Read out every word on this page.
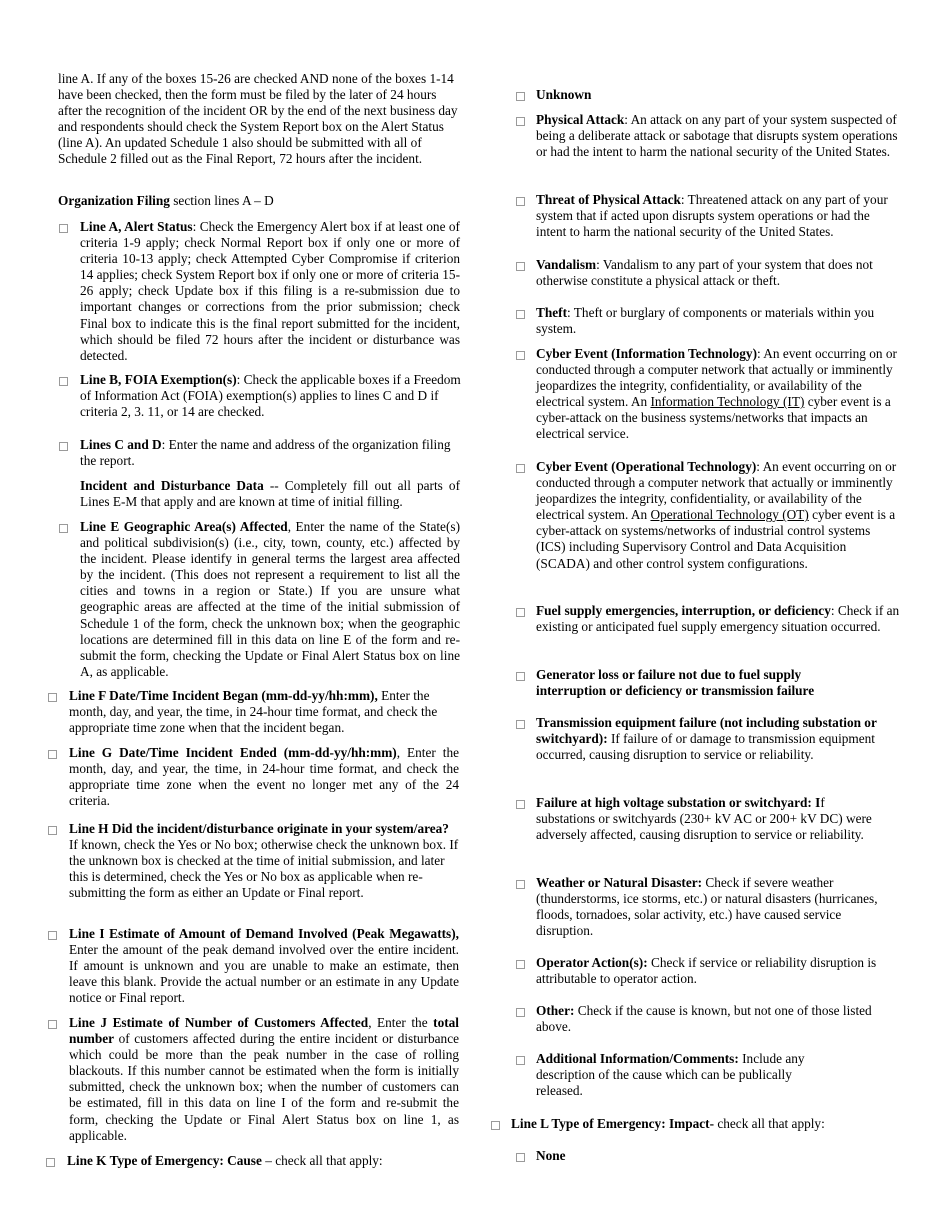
line A. If any of the boxes 15-26 are checked AND none of the boxes 1-14 have been checked, then the form must be filed by the later of 24 hours after the recognition of the incident OR by the end of the next business day and respondents should check the System Report box on the Alert Status (line A). An updated Schedule 1 also should be submitted with all of Schedule 2 filled out as the Final Report, 72 hours after the incident.

Organization Filing section lines A – D

Line A, Alert Status: Check the Emergency Alert box if at least one of criteria 1-9 apply; check Normal Report box if only one or more of criteria 10-13 apply; check Attempted Cyber Compromise if criterion 14 applies; check System Report box if only one or more of criteria 15-26 apply; check Update box if this filing is a re-submission due to important changes or corrections from the prior submission; check Final box to indicate this is the final report submitted for the incident, which should be filed 72 hours after the incident or disturbance was detected.

Line B, FOIA Exemption(s): Check the applicable boxes if a Freedom of Information Act (FOIA) exemption(s) applies to lines C and D if criteria 2, 3. 11, or 14 are checked.

Lines C and D: Enter the name and address of the organization filing the report.

Incident and Disturbance Data -- Completely fill out all parts of Lines E-M that apply and are known at time of initial filling.

Line E Geographic Area(s) Affected, Enter the name of the State(s) and political subdivision(s) (i.e., city, town, county, etc.) affected by the incident. Please identify in general terms the largest area affected by the incident. (This does not represent a requirement to list all the cities and towns in a region or State.) If you are unsure what geographic areas are affected at the time of the initial submission of Schedule 1 of the form, check the unknown box; when the geographic locations are determined fill in this data on line E of the form and re-submit the form, checking the Update or Final Alert Status box on line A, as applicable.

Line F Date/Time Incident Began (mm-dd-yy/hh:mm), Enter the month, day, and year, the time, in 24-hour time format, and check the appropriate time zone when that the incident began.

Line G Date/Time Incident Ended (mm-dd-yy/hh:mm), Enter the month, day, and year, the time, in 24-hour time format, and check the appropriate time zone when the event no longer met any of the 24 criteria.

Line H Did the incident/disturbance originate in your system/area? If known, check the Yes or No box; otherwise check the unknown box. If the unknown box is checked at the time of initial submission, and later this is determined, check the Yes or No box as applicable when re- submitting the form as either an Update or Final report.

Line I Estimate of Amount of Demand Involved (Peak Megawatts), Enter the amount of the peak demand involved over the entire incident. If amount is unknown and you are unable to make an estimate, then leave this blank. Provide the actual number or an estimate in any Update notice or Final report.

Line J Estimate of Number of Customers Affected, Enter the total number of customers affected during the entire incident or disturbance which could be more than the peak number in the case of rolling blackouts. If this number cannot be estimated when the form is initially submitted, check the unknown box; when the number of customers can be estimated, fill in this data on line I of the form and re-submit the form, checking the Update or Final Alert Status box on line 1, as applicable.

Line K Type of Emergency: Cause – check all that apply:

Unknown

Physical Attack: An attack on any part of your system suspected of being a deliberate attack or sabotage that disrupts system operations or had the intent to harm the national security of the United States.

Threat of Physical Attack: Threatened attack on any part of your system that if acted upon disrupts system operations or had the intent to harm the national security of the United States.

Vandalism: Vandalism to any part of your system that does not otherwise constitute a physical attack or theft.

Theft: Theft or burglary of components or materials within you system.

Cyber Event (Information Technology): An event occurring on or conducted through a computer network that actually or imminently jeopardizes the integrity, confidentiality, or availability of the electrical system. An Information Technology (IT) cyber event is a cyber-attack on the business systems/networks that impacts an electrical service.

Cyber Event (Operational Technology): An event occurring on or conducted through a computer network that actually or imminently jeopardizes the integrity, confidentiality, or availability of the electrical system. An Operational Technology (OT) cyber event is a cyber-attack on systems/networks of industrial control systems (ICS) including Supervisory Control and Data Acquisition (SCADA) and other control system configurations.

Fuel supply emergencies, interruption, or deficiency: Check if an existing or anticipated fuel supply emergency situation occurred.

Generator loss or failure not due to fuel supply interruption or deficiency or transmission failure

Transmission equipment failure (not including substation or switchyard): If failure of or damage to transmission equipment occurred, causing disruption to service or reliability.

Failure at high voltage substation or switchyard: If substations or switchyards (230+ kV AC or 200+ kV DC) were adversely affected, causing disruption to service or reliability.

Weather or Natural Disaster: Check if severe weather (thunderstorms, ice storms, etc.) or natural disasters (hurricanes, floods, tornadoes, solar activity, etc.) have caused service disruption.

Operator Action(s): Check if service or reliability disruption is attributable to operator action.

Other: Check if the cause is known, but not one of those listed above.

Additional Information/Comments: Include any description of the cause which can be publically released.

Line L Type of Emergency: Impact- check all that apply:

None
